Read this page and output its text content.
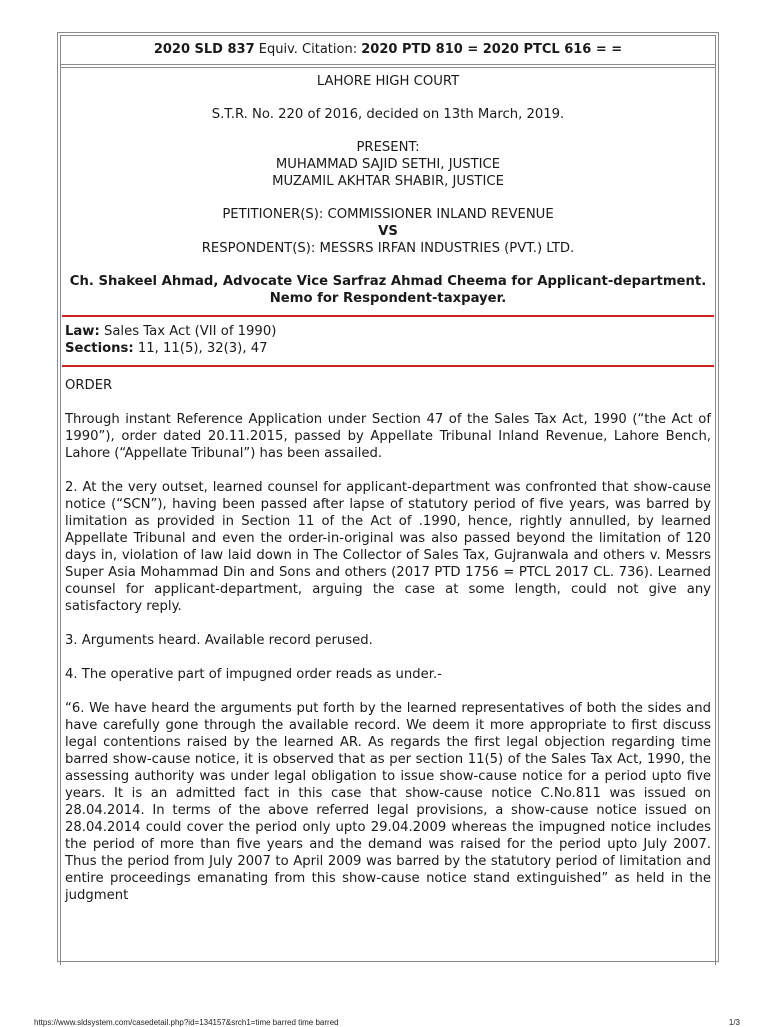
2020 SLD 837 Equiv. Citation: 2020 PTD 810 = 2020 PTCL 616 = =
LAHORE HIGH COURT
S.T.R. No. 220 of 2016, decided on 13th March, 2019.
PRESENT:
MUHAMMAD SAJID SETHI, JUSTICE
MUZAMIL AKHTAR SHABIR, JUSTICE
PETITIONER(S): COMMISSIONER INLAND REVENUE
VS
RESPONDENT(S): MESSRS IRFAN INDUSTRIES (PVT.) LTD.
Ch. Shakeel Ahmad, Advocate Vice Sarfraz Ahmad Cheema for Applicant-department.
Nemo for Respondent-taxpayer.
Law: Sales Tax Act (VII of 1990)
Sections: 11, 11(5), 32(3), 47

ORDER

Through instant Reference Application under Section 47 of the Sales Tax Act, 1990 (“the Act of 1990”), order dated 20.11.2015, passed by Appellate Tribunal Inland Revenue, Lahore Bench, Lahore (“Appellate Tribunal”) has been assailed.

2. At the very outset, learned counsel for applicant-department was confronted that show-cause notice (“SCN”), having been passed after lapse of statutory period of five years, was barred by limitation as provided in Section 11 of the Act of .1990, hence, rightly annulled, by learned Appellate Tribunal and even the order-in-original was also passed beyond the limitation of 120 days in, violation of law laid down in The Collector of Sales Tax, Gujranwala and others v. Messrs Super Asia Mohammad Din and Sons and others (2017 PTD 1756 = PTCL 2017 CL. 736). Learned counsel for applicant-department, arguing the case at some length, could not give any satisfactory reply.

3. Arguments heard. Available record perused.

4. The operative part of impugned order reads as under.-

“6. We have heard the arguments put forth by the learned representatives of both the sides and have carefully gone through the available record. We deem it more appropriate to first discuss legal contentions raised by the learned AR. As regards the first legal objection regarding time barred show-cause notice, it is observed that as per section 11(5) of the Sales Tax Act, 1990, the assessing authority was under legal obligation to issue show-cause notice for a period upto five years. It is an admitted fact in this case that show-cause notice C.No.811 was issued on 28.04.2014. In terms of the above referred legal provisions, a show-cause notice issued on 28.04.2014 could cover the period only upto 29.04.2009 whereas the impugned notice includes the period of more than five years and the demand was raised for the period upto July 2007. Thus the period from July 2007 to April 2009 was barred by the statutory period of limitation and entire proceedings emanating from this show-cause notice stand extinguished” as held in the judgment

https://www.sldsystem.com/casedetail.php?id=134157&srch1=time barred time barred	1/3
